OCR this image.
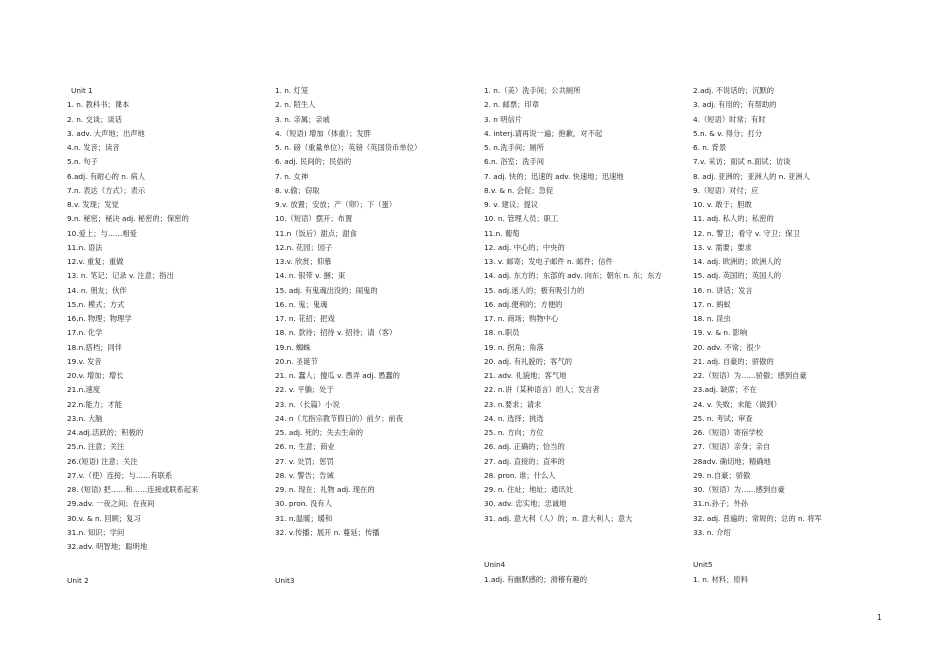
Unit 1
1. n. 教科书；课本
2. n. 交谈；谈话
3. adv. 大声地；出声地
4.n. 发音；读音
5.n. 句子
6.adj. 有耐心的 n. 病人
7.n. 表达（方式）；表示
8.v. 发现；发觉
9.n. 秘密；秘诀 adj. 秘密的；保密的
10.爱上；与……相爱
11.n. 语法
12.v. 重复；重做
13. n. 笔记；记录 v. 注意；指出
14. n. 朋友；伙伴
15.n. 模式；方式
16.n. 物理；物理学
17.n. 化学
18.n.搭档；同伴
19.v. 发音
20.v. 增加；增长
21.n.速度
22.n.能力；才能
23.n. 大脑
24.adj.活跃的；积极的
25.n. 注意；关注
26.(短语) 注意；关注
27.v.（使）连接；与……有联系
28. (短语) 把……和……连接或联系起来
29.adv. 一夜之间；在夜间
30.v. & n. 回顾；复习
31.n. 知识；学问
32.adv. 明智地；聪明地
1. n. 灯笼
2. n. 陌生人
3. n. 亲属；亲戚
4.（短语) 增加（体重）；发胖
5. n. 磅（重量单位）；英镑（英国货币单位）
6. adj. 民间的；民俗的
7. n. 女神
8. v.偷；窃取
9.v. 放置；安放；产（卵）；下（蛋）
10.（短语）摆开；布置
11.n（饭后）甜点；甜食
12.n. 花园；园子
13.v. 欣赏；仰慕
14. n. 银带 v. 捆；束
15. adj. 有鬼魂出没的；闹鬼的
16. n. 鬼；鬼魂
17. n. 花招；把戏
18. n. 款待；招待 v. 招待；请（客）
19.n. 蜘蛛
20.n. 圣诞节
21. n. 蠢人；傻瓜 v. 愚弄 adj. 愚蠢的
22. v. 平躺；处于
23. n.（长篇）小说
24. n（尤指宗教节假日的）前夕；前夜
25. adj. 死的；失去生命的
26. n. 生意；商业
27. v. 处罚；惩罚
28. v. 警告；告诫
29. n. 现在；礼物 adj. 现在的
30. pron. 没有人
31. n.温暖；暖和
32. v.传播；展开 n. 蔓延；传播
1. n.（美）洗手间；公共厕所
2. n. 邮票；印章
3. n 明信片
4. interj.请再说一遍；抱歉，对不起
5. n.洗手间；厕所
6.n. 浴室；洗手间
7. adj. 快的；迅速的 adv. 快速地；迅速地
8.v. & n. 会促；急促
9. v. 建议；提议
10. n. 管理人员；职工
11.n. 葡萄
12. adj. 中心的；中央的
13. v. 邮寄；发电子邮件 n. 邮件；信件
14. adj. 东方的；东部的 adv. 向东；朝东 n. 东；东方
15. adj.迷人的；极有吸引力的
16. adj.便利的；方便的
17. n. 商场；购物中心
18. n.职员
19. n. 拐角；角落
20. adj. 有礼貌的；客气的
21. adv. 礼貌地；客气地
22. n.讲（某种语言）的人；发言者
23. n.要求；请求
24. n. 选择；挑选
25. n. 方向；方位
26. adj. 正确的；恰当的
27. adj. 直接的；直率的
28. pron. 谁；什么人
29. n. 住址；地址；通讯处
30. adv. 忠实地；忠诚地
31. adj. 意大利（人）的；n. 意大利人；意大
2.adj. 不说话的；沉默的
3. adj. 有用的；有帮助的
4.（短语）时常；有时
5.n. & v. 得分；打分
6. n. 背景
7.v. 采访；面试 n.面试；访谈
8. adj. 亚洲的；亚洲人的 n. 亚洲人
9.（短语）对付；应
10. v. 敢于；胆敢
11. adj. 私人的；私密的
12. n. 警卫；看守 v. 守卫；保卫
13. v. 需要；要求
14. adj. 欧洲的；欧洲人的
15. adj. 英国的；英国人的
16. n. 讲话；发言
17. n. 蚂蚁
18. n. 昆虫
19. v. & n. 影响
20. adv. 不常；很少
21. adj. 自豪的；骄傲的
22.（短语）为……骄傲；感到自豪
23.adj. 缺席；不在
24. v. 失败；未能（做到）
25. n. 考试；审查
26.（短语）寄宿学校
27.（短语）亲身；亲自
28adv. 确切地；精确地
29. n.自豪；骄傲
30.（短语）为……感到自豪
31.n.孙子；外孙
32. adj. 普遍的；常规的；总的 n. 将军
33. n. 介绍
Unit 2	Unit3
Unin4
1.adj. 有幽默感的；滑稽有趣的
Unit5
1. n. 材料；原料
1
